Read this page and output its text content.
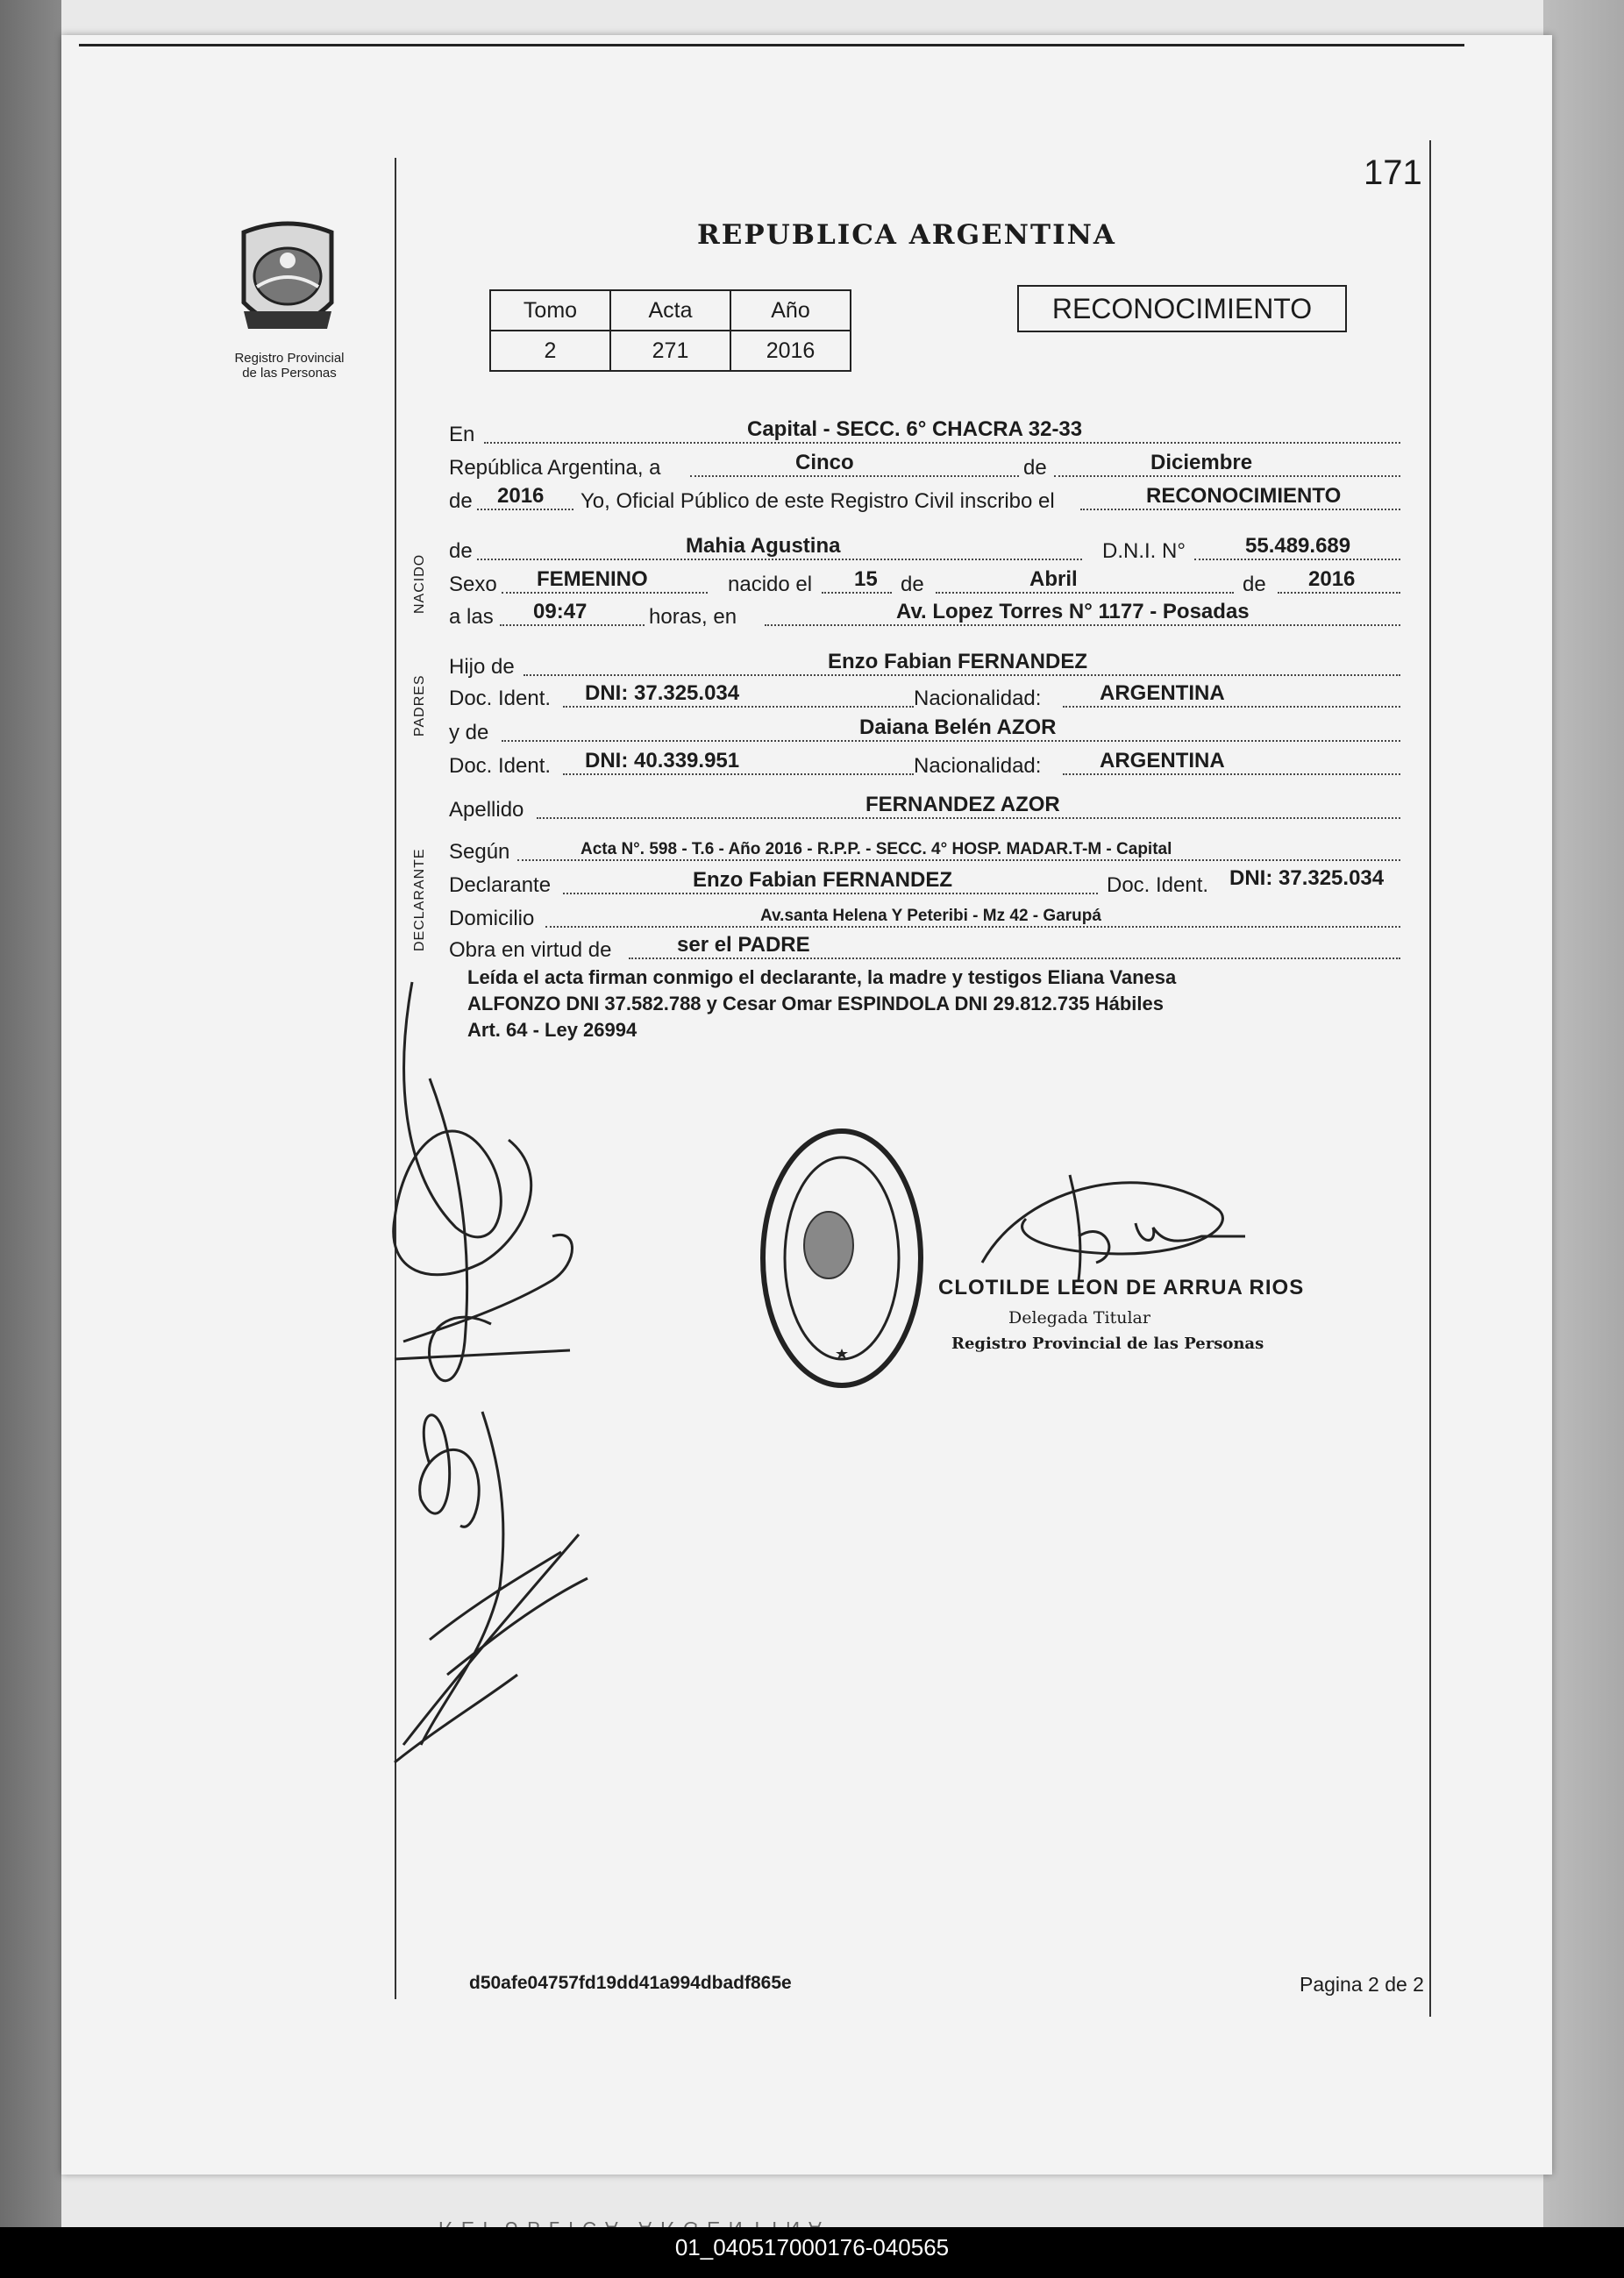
171
Registro Provincial
de las Personas
REPUBLICA ARGENTINA
Tomo	Acta	Año
2	271	2016
RECONOCIMIENTO
NACIDO
PADRES
DECLARANTE
En	Capital - SECC. 6° CHACRA 32-33
República Argentina, a	Cinco	de	Diciembre
de 2016 Yo, Oficial Público de este Registro Civil inscribo el	RECONOCIMIENTO
de	Mahia Agustina	D.N.I. N°	55.489.689
Sexo FEMENINO	nacido el 15 de	Abril	de 2016
a las 09:47	horas, en	Av. Lopez Torres N° 1177 - Posadas
Hijo de	Enzo Fabian FERNANDEZ
Doc. Ident. DNI: 37.325.034	Nacionalidad:	ARGENTINA
y de	Daiana Belén AZOR
Doc. Ident. DNI: 40.339.951	Nacionalidad:	ARGENTINA
Apellido	FERNANDEZ AZOR
Según	Acta N°. 598 - T.6 - Año 2016 - R.P.P. - SECC. 4° HOSP. MADAR.T-M - Capital
Declarante	Enzo Fabian FERNANDEZ	Doc. Ident. DNI: 37.325.034
Domicilio	Av.santa Helena Y Peteribi - Mz 42 - Garupá
Obra en virtud de	ser el PADRE
Leída el acta firman conmigo el declarante, la madre y testigos Eliana Vanesa
ALFONZO DNI 37.582.788 y Cesar Omar ESPINDOLA DNI 29.812.735 Hábiles
Art. 64 - Ley 26994
CLOTILDE LEON DE ARRUA RIOS
Delegada Titular
Registro Provincial de las Personas
d50afe04757fd19dd41a994dbadf865e	Pagina 2 de 2
01_040517000176-040565
